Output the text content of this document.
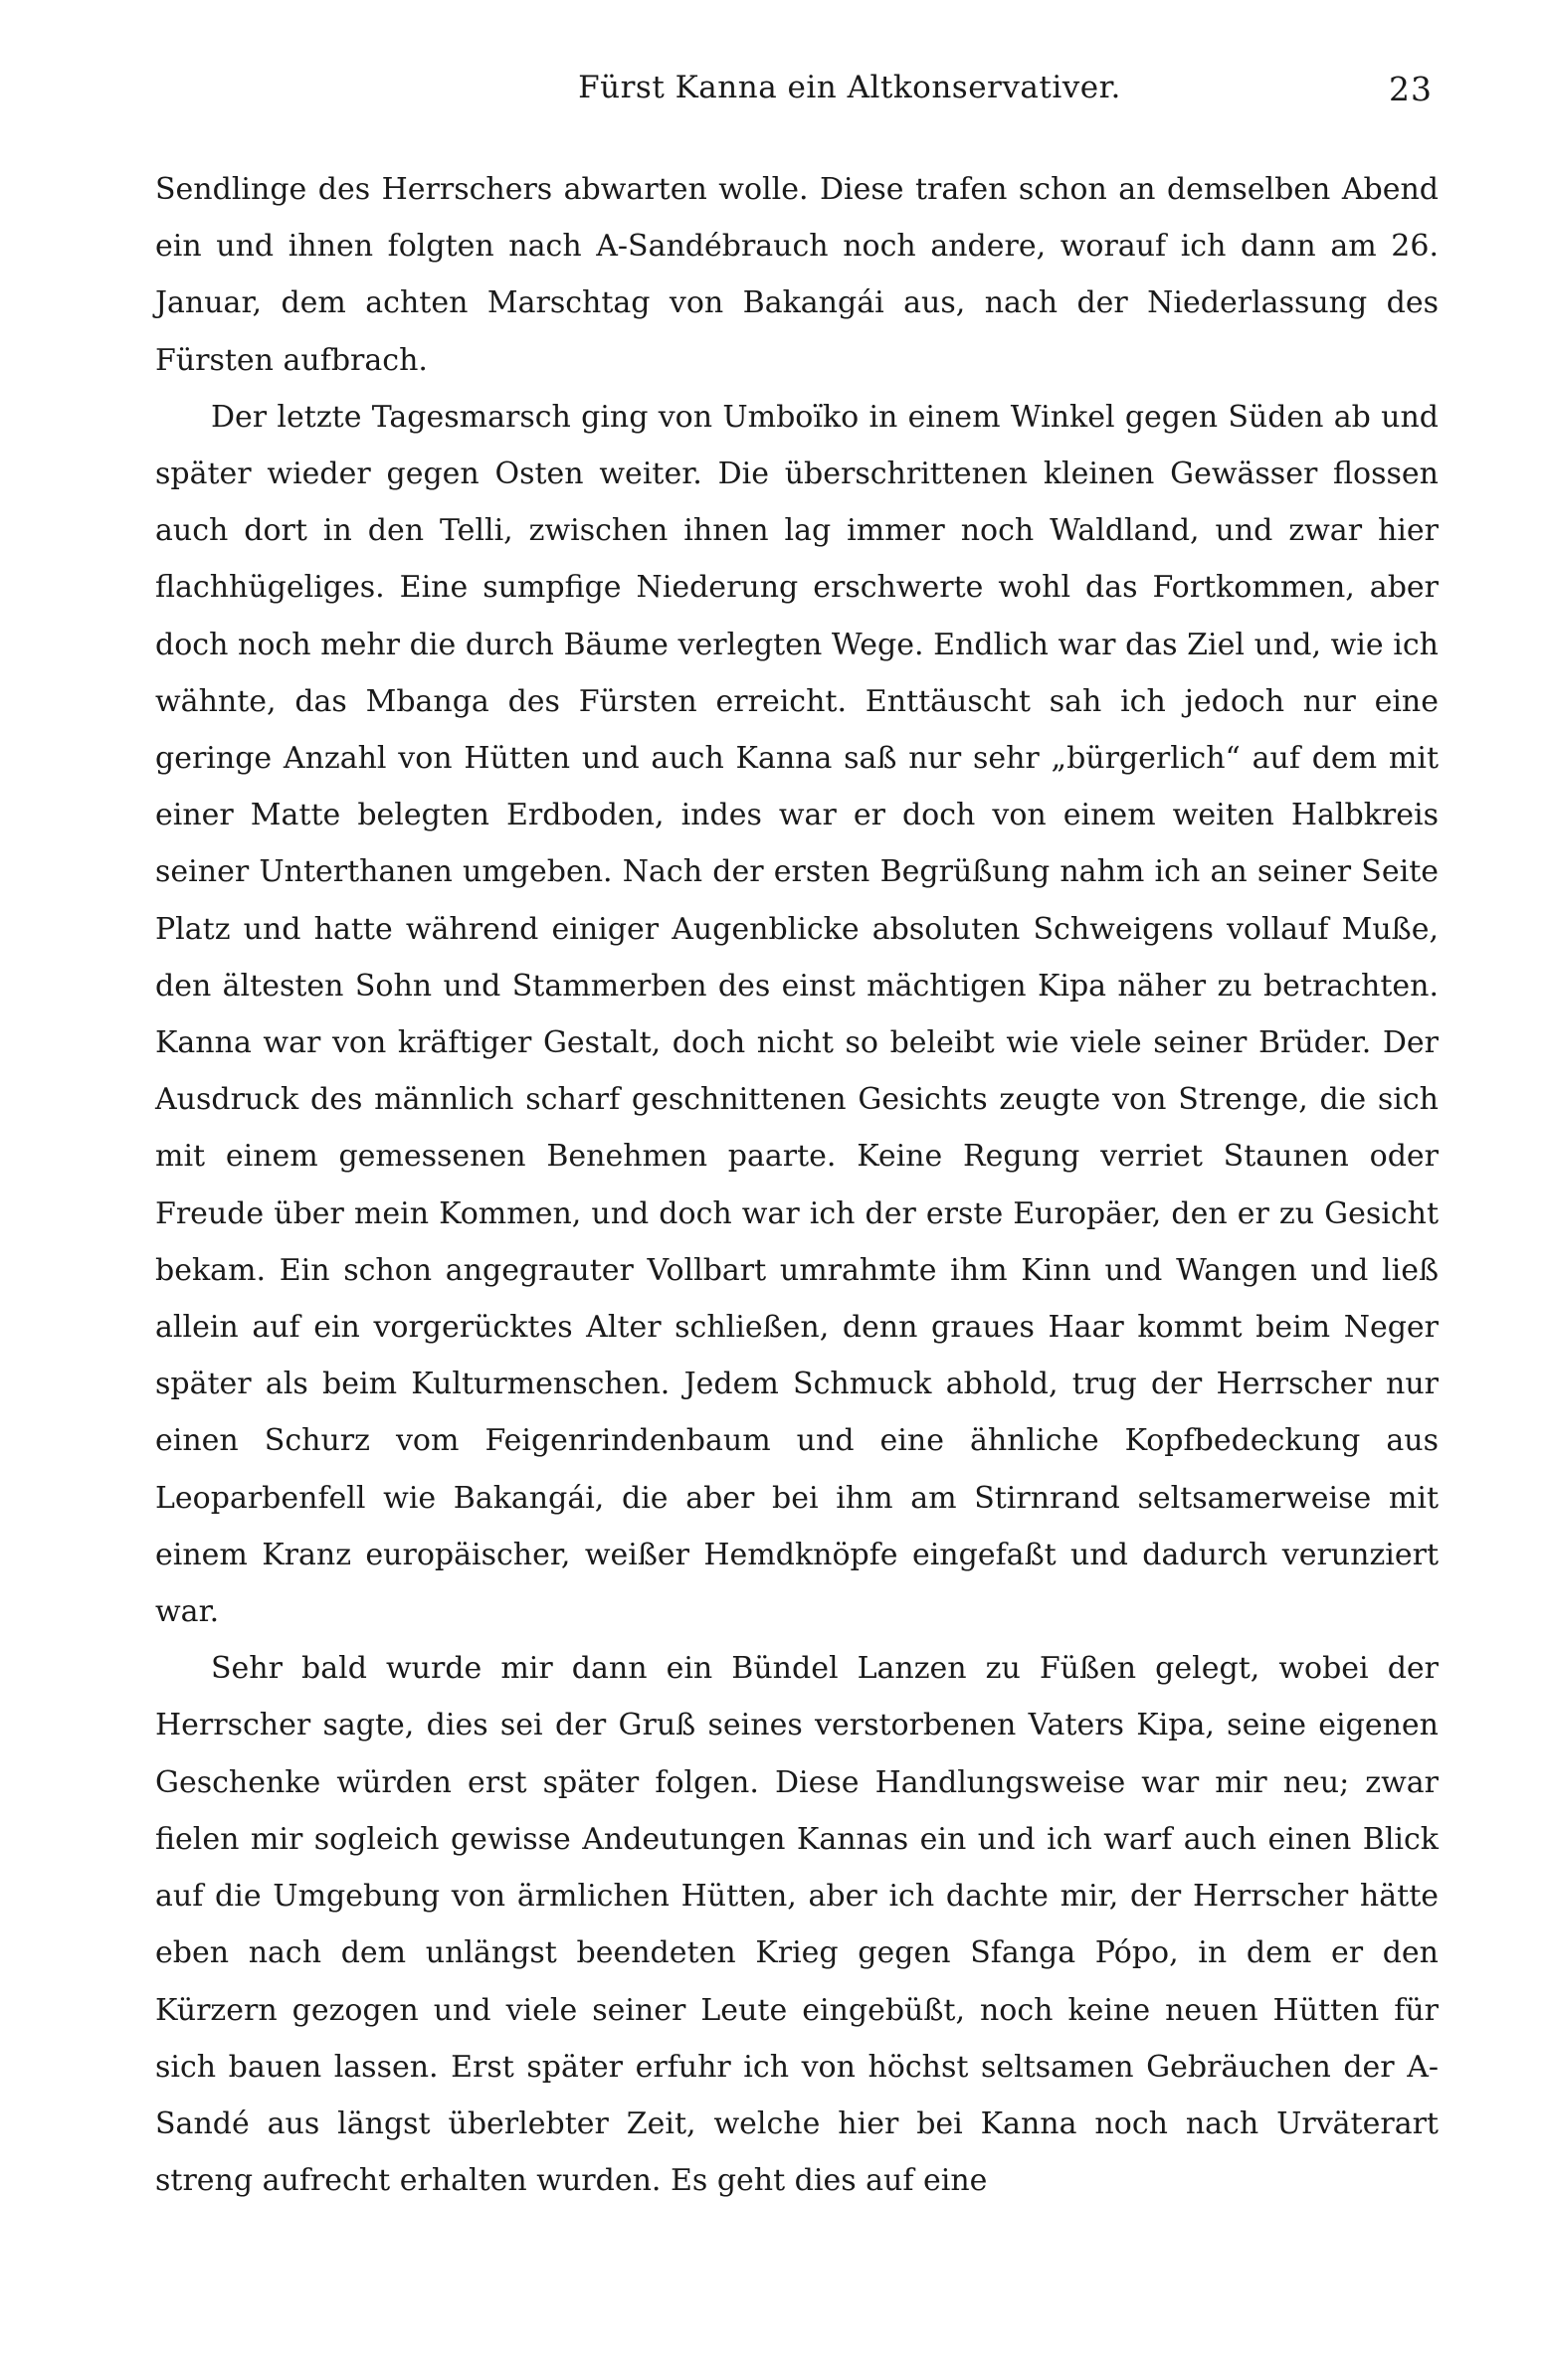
Fürst Kanna ein Altkonservativer.	23

Sendlinge des Herrschers abwarten wolle. Diese trafen schon an demselben Abend ein und ihnen folgten nach A-Sandébrauch noch andere, worauf ich dann am 26. Januar, dem achten Marschtag von Bakangái aus, nach der Niederlassung des Fürsten aufbrach.

Der letzte Tagesmarsch ging von Umboïko in einem Winkel gegen Süden ab und später wieder gegen Osten weiter. Die überschrittenen kleinen Gewässer flossen auch dort in den Telli, zwischen ihnen lag immer noch Waldland, und zwar hier flachhügeliges. Eine sumpfige Niederung erschwerte wohl das Fortkommen, aber doch noch mehr die durch Bäume verlegten Wege. Endlich war das Ziel und, wie ich wähnte, das Mbanga des Fürsten erreicht. Enttäuscht sah ich jedoch nur eine geringe Anzahl von Hütten und auch Kanna saß nur sehr „bürgerlich“ auf dem mit einer Matte belegten Erdboden, indes war er doch von einem weiten Halbkreis seiner Unterthanen umgeben. Nach der ersten Begrüßung nahm ich an seiner Seite Platz und hatte während einiger Augenblicke absoluten Schweigens vollauf Muße, den ältesten Sohn und Stammerben des einst mächtigen Kipa näher zu betrachten. Kanna war von kräftiger Gestalt, doch nicht so beleibt wie viele seiner Brüder. Der Ausdruck des männlich scharf geschnittenen Gesichts zeugte von Strenge, die sich mit einem gemessenen Benehmen paarte. Keine Regung verriet Staunen oder Freude über mein Kommen, und doch war ich der erste Europäer, den er zu Gesicht bekam. Ein schon angegrauter Vollbart umrahmte ihm Kinn und Wangen und ließ allein auf ein vorgerücktes Alter schließen, denn graues Haar kommt beim Neger später als beim Kulturmenschen. Jedem Schmuck abhold, trug der Herrscher nur einen Schurz vom Feigenrindenbaum und eine ähnliche Kopfbedeckung aus Leoparbenfell wie Bakangái, die aber bei ihm am Stirnrand seltsamerweise mit einem Kranz europäischer, weißer Hemdknöpfe eingefaßt und dadurch verunziert war.

Sehr bald wurde mir dann ein Bündel Lanzen zu Füßen gelegt, wobei der Herrscher sagte, dies sei der Gruß seines verstorbenen Vaters Kipa, seine eigenen Geschenke würden erst später folgen. Diese Handlungsweise war mir neu; zwar fielen mir sogleich gewisse Andeutungen Kannas ein und ich warf auch einen Blick auf die Umgebung von ärmlichen Hütten, aber ich dachte mir, der Herrscher hätte eben nach dem unlängst beendeten Krieg gegen Sfanga Pópo, in dem er den Kürzern gezogen und viele seiner Leute eingebüßt, noch keine neuen Hütten für sich bauen lassen. Erst später erfuhr ich von höchst seltsamen Gebräuchen der A-Sandé aus längst überlebter Zeit, welche hier bei Kanna noch nach Urväterart streng aufrecht erhalten wurden. Es geht dies auf eine
